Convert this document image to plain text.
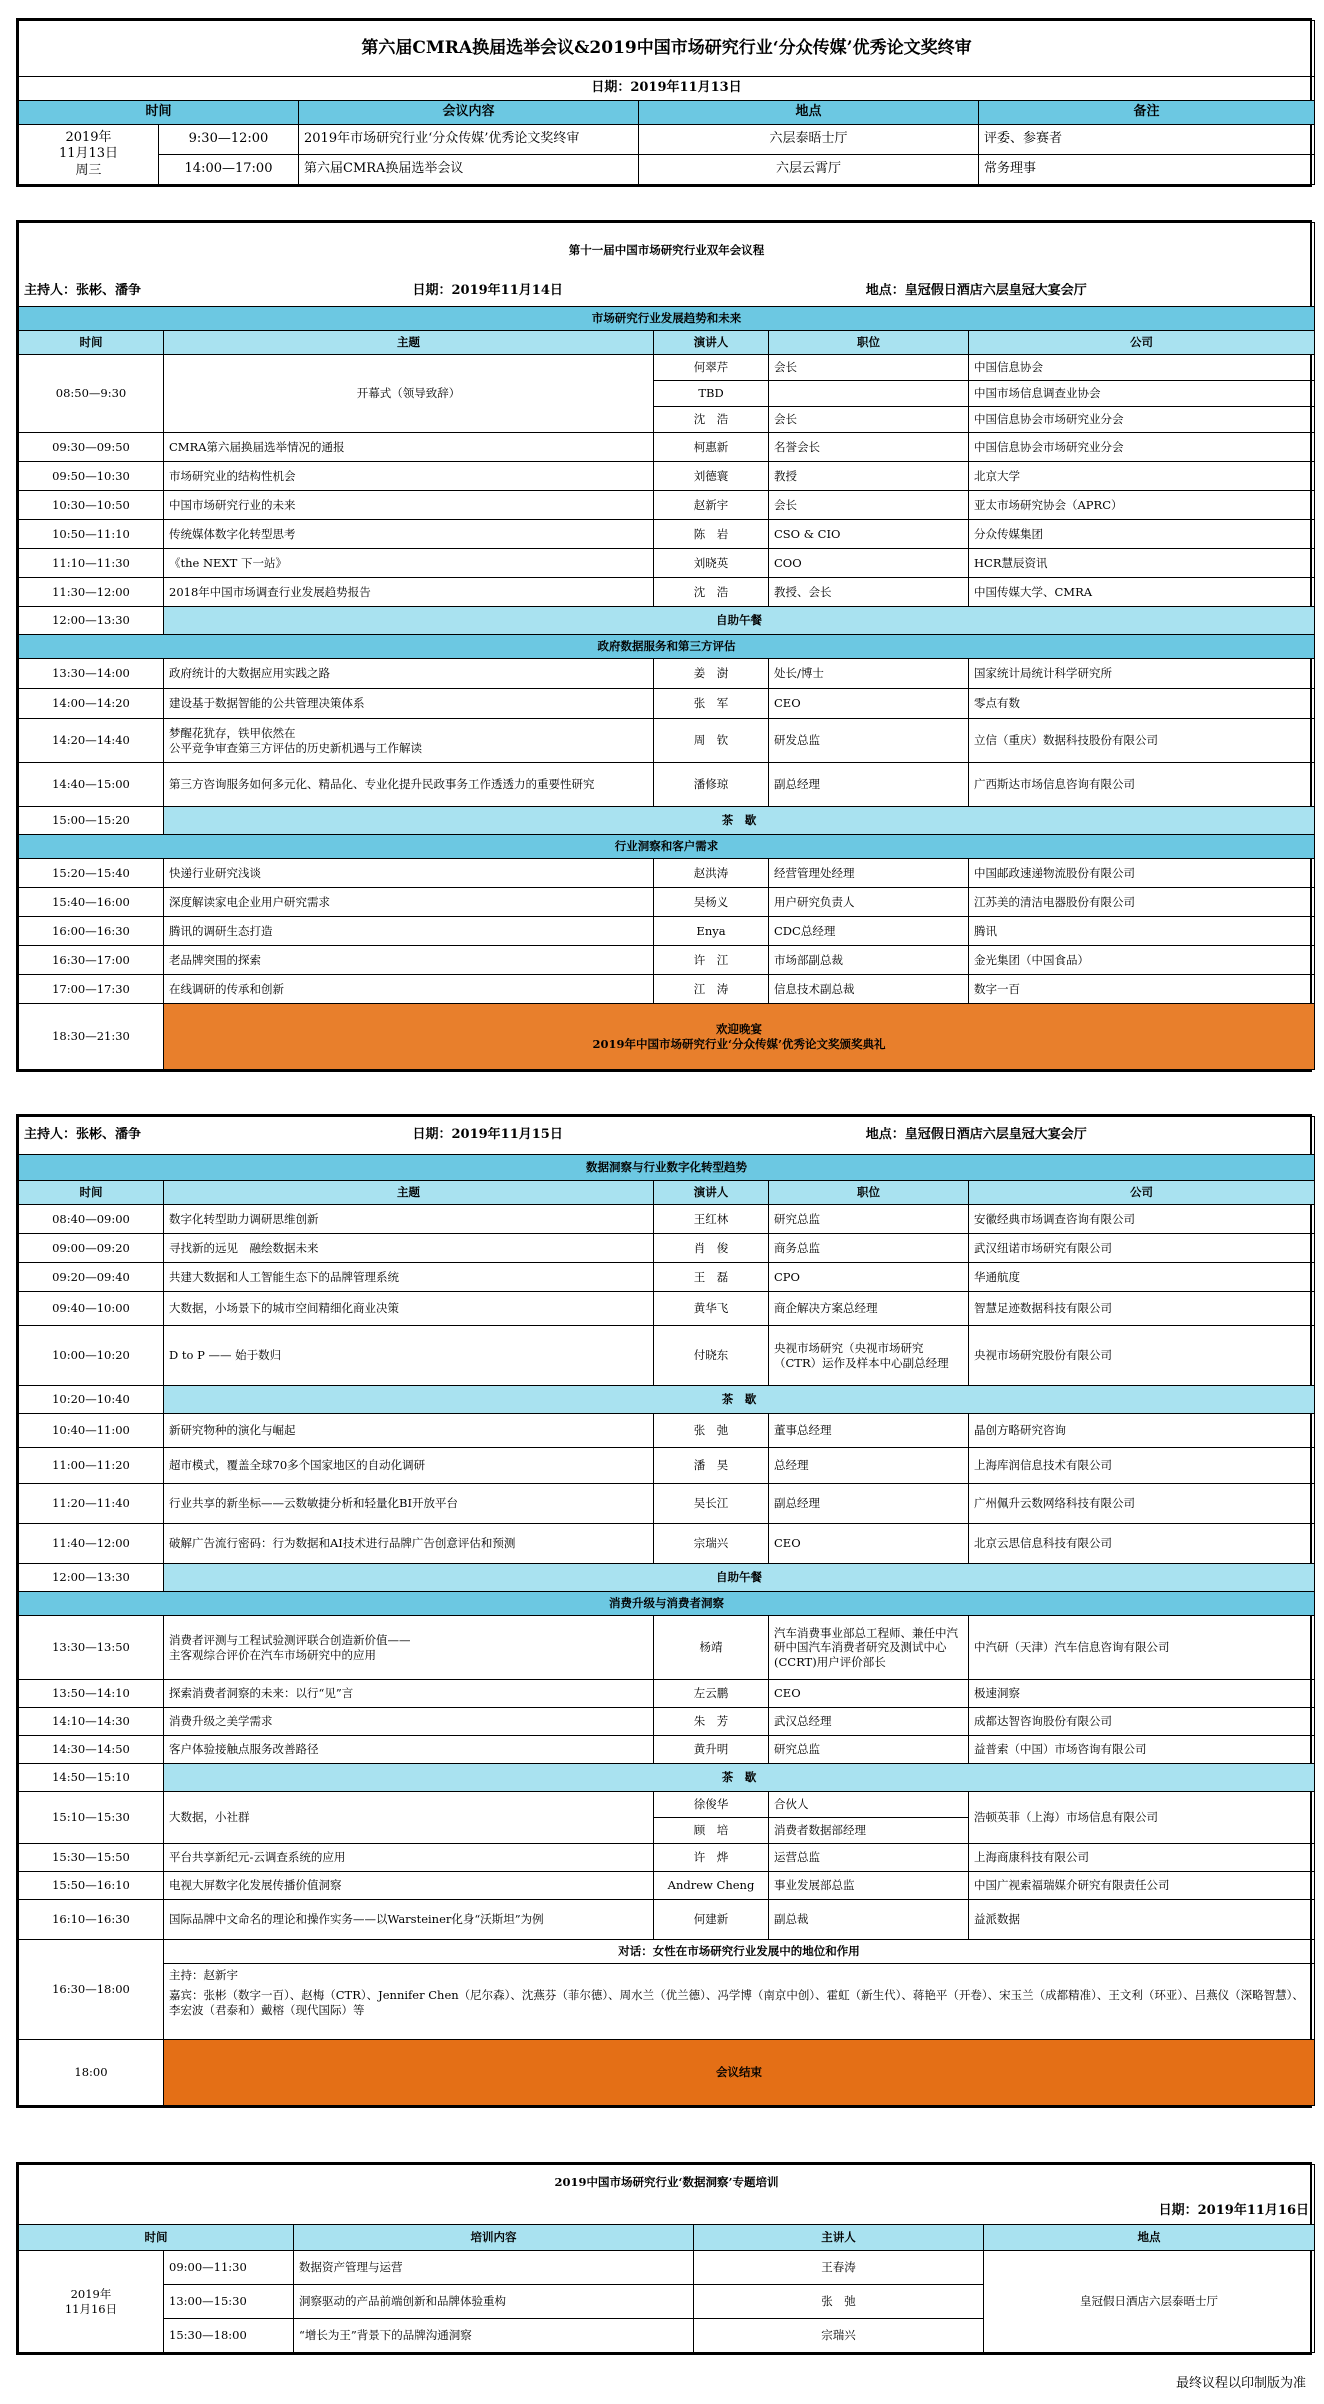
第六届CMRA换届选举会议&2019中国市场研究行业‘分众传媒’优秀论文奖终审				
日期：2019年11月13日				
时间		会议内容	地点	备注
2019年
11月13日
周三	9:30—12:00	2019年市场研究行业‘分众传媒’优秀论文奖终审	六层泰晤士厅	评委、参赛者
	14:00—17:00	第六届CMRA换届选举会议	六层云霄厅	常务理事
第十一届中国市场研究行业双年会议程

主持人：张彬、潘争	日期：2019年11月14日	地点：皇冠假日酒店六层皇冠大宴会厅

市场研究行业发展趋势和未来
时间	主题	演讲人	职位	公司
08:50—9:30	开幕式（领导致辞）	何翠芹	会长	中国信息协会
TBD		中国市场信息调查业协会
沈　浩	会长	中国信息协会市场研究业分会
09:30—09:50	CMRA第六届换届选举情况的通报	柯惠新	名誉会长	中国信息协会市场研究业分会
09:50—10:30	市场研究业的结构性机会	刘德寰	教授	北京大学
10:30—10:50	中国市场研究行业的未来	赵新宇	会长	亚太市场研究协会（APRC）
10:50—11:10	传统媒体数字化转型思考	陈　岩	CSO & CIO	分众传媒集团
11:10—11:30	《the NEXT 下一站》	刘晓英	COO	HCR慧辰资讯
11:30—12:00	2018年中国市场调查行业发展趋势报告	沈　浩	教授、会长	中国传媒大学、CMRA
12:00—13:30	自助午餐
政府数据服务和第三方评估
13:30—14:00	政府统计的大数据应用实践之路	姜　澍	处长/博士	国家统计局统计科学研究所
14:00—14:20	建设基于数据智能的公共管理决策体系	张　军	CEO	零点有数
14:20—14:40	梦醒花犹存，铁甲依然在
公平竞争审查第三方评估的历史新机遇与工作解读	周　钦	研发总监	立信（重庆）数据科技股份有限公司
14:40—15:00	第三方咨询服务如何多元化、精品化、专业化提升民政事务工作透透力的重要性研究	潘修琼	副总经理	广西斯达市场信息咨询有限公司
15:00—15:20	茶　歇
行业洞察和客户需求
15:20—15:40	快递行业研究浅谈	赵洪涛	经营管理处经理	中国邮政速递物流股份有限公司
15:40—16:00	深度解读家电企业用户研究需求	吴杨义	用户研究负责人	江苏美的清洁电器股份有限公司
16:00—16:30	腾讯的调研生态打造	Enya	CDC总经理	腾讯
16:30—17:00	老品牌突围的探索	许　江	市场部副总裁	金光集团（中国食品）
17:00—17:30	在线调研的传承和创新	江　涛	信息技术副总裁	数字一百
18:30—21:30	
欢迎晚宴
2019年中国市场研究行业‘分众传媒’优秀论文奖颁奖典礼
主持人：张彬、潘争	日期：2019年11月15日	地点：皇冠假日酒店六层皇冠大宴会厅

数据洞察与行业数字化转型趋势
时间	主题	演讲人	职位	公司
08:40—09:00	数字化转型助力调研思维创新	王红林	研究总监	安徽经典市场调查咨询有限公司
09:00—09:20	寻找新的远见　融绘数据未来	肖　俊	商务总监	武汉纽诺市场研究有限公司
09:20—09:40	共建大数据和人工智能生态下的品牌管理系统	王　磊	CPO	华通航度
09:40—10:00	大数据，小场景下的城市空间精细化商业决策	黄华飞	商企解决方案总经理	智慧足迹数据科技有限公司
10:00—10:20	D to P —— 始于数归	付晓东	央视市场研究（央视市场研究（CTR）运作及样本中心副总经理	央视市场研究股份有限公司
10:20—10:40	茶　歇
10:40—11:00	新研究物种的演化与崛起	张　弛	董事总经理	晶创方略研究咨询
11:00—11:20	超市模式，覆盖全球70多个国家地区的自动化调研	潘　昊	总经理	上海库润信息技术有限公司
11:20—11:40	行业共享的新坐标——云数敏捷分析和轻量化BI开放平台	吴长江	副总经理	广州佩升云数网络科技有限公司
11:40—12:00	破解广告流行密码：行为数据和AI技术进行品牌广告创意评估和预测	宗瑞兴	CEO	北京云思信息科技有限公司
12:00—13:30	自助午餐
消费升级与消费者洞察
13:30—13:50	消费者评测与工程试验测评联合创造新价值——
主客观综合评价在汽车市场研究中的应用	杨靖	汽车消费事业部总工程师、兼任中汽研中国汽车消费者研究及测试中心(CCRT)用户评价部长	中汽研（天津）汽车信息咨询有限公司
13:50—14:10	探索消费者洞察的未来：以行“见”言	左云鹏	CEO	极速洞察
14:10—14:30	消费升级之美学需求	朱　芳	武汉总经理	成都达智咨询股份有限公司
14:30—14:50	客户体验接触点服务改善路径	黄升明	研究总监	益普索（中国）市场咨询有限公司
14:50—15:10	茶　歇
15:10—15:30	大数据，小社群	徐俊华	合伙人	浩顿英菲（上海）市场信息有限公司
顾　培	消费者数据部经理
15:30—15:50	平台共享新纪元-云调查系统的应用	许　烨	运营总监	上海商康科技有限公司
15:50—16:10	电视大屏数字化发展传播价值洞察	Andrew Cheng	事业发展部总监	中国广视索福瑞媒介研究有限责任公司
16:10—16:30	国际品牌中文命名的理论和操作实务——以Warsteiner化身“沃斯坦”为例	何建新	副总裁	益派数据
16:30—18:00	对话：女性在市场研究行业发展中的地位和作用

主持：赵新宇
嘉宾：张彬（数字一百）、赵梅（CTR）、Jennifer Chen（尼尔森）、沈燕芬（菲尔德）、周水兰（优兰德）、冯学博（南京中创）、霍虹（新生代）、蒋艳平（开卷）、宋玉兰（成都精准）、王文利（环亚）、吕燕仪（深略智慧）、李宏波（君泰和）戴榕（现代国际）等

18:00	会议结束
2019中国市场研究行业‘数据洞察’专题培训				
日期：2019年11月16日				
时间		培训内容	主讲人	地点
2019年
11月16日	09:00—11:30	数据资产管理与运营	王春涛	皇冠假日酒店六层泰晤士厅
	13:00—15:30	洞察驱动的产品前端创新和品牌体验重构	张　弛	
	15:30—18:00	“增长为王”背景下的品牌沟通洞察	宗瑞兴	
最终议程以印制版为准
